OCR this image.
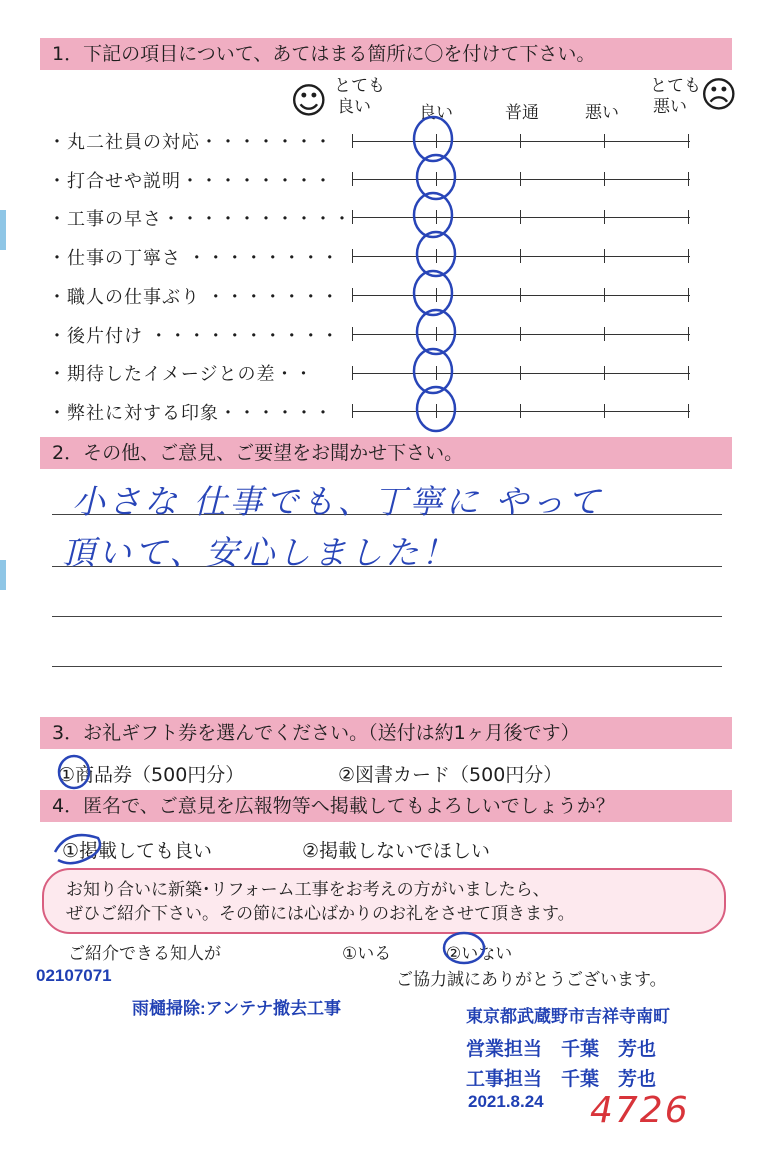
1．下記の項目について、あてはまる箇所に〇を付けて下さい。
☺ とても
良い	良い	普通	悪い
とても
悪い ☹
・丸二社員の対応・・・・・・・
・打合せや説明・・・・・・・・
・工事の早さ・・・・・・・・・・
・仕事の丁寧さ ・・・・・・・・
・職人の仕事ぶり ・・・・・・・
・後片付け ・・・・・・・・・・
・期待したイメージとの差・・
・弊社に対する印象・・・・・・
2．その他、ご意見、ご要望をお聞かせ下さい。
小さな 仕事でも、丁寧に やって
頂いて、安心しました！
3．お礼ギフト券を選んでください。（送付は約1ヶ月後です）
①商品券（500円分）	②図書カード（500円分）
4．匿名で、ご意見を広報物等へ掲載してもよろしいでしょうか？
①掲載しても良い	②掲載しないでほしい
お知り合いに新築･リフォーム工事をお考えの方がいましたら、
ぜひご紹介下さい。その節には心ばかりのお礼をさせて頂きます。
ご紹介できる知人が	①いる	②いない
ご協力誠にありがとうございます。
02107071
雨樋掃除:アンテナ撤去工事	東京都武蔵野市吉祥寺南町
営業担当　千葉　芳也
工事担当　千葉　芳也
2021.8.24 4726
